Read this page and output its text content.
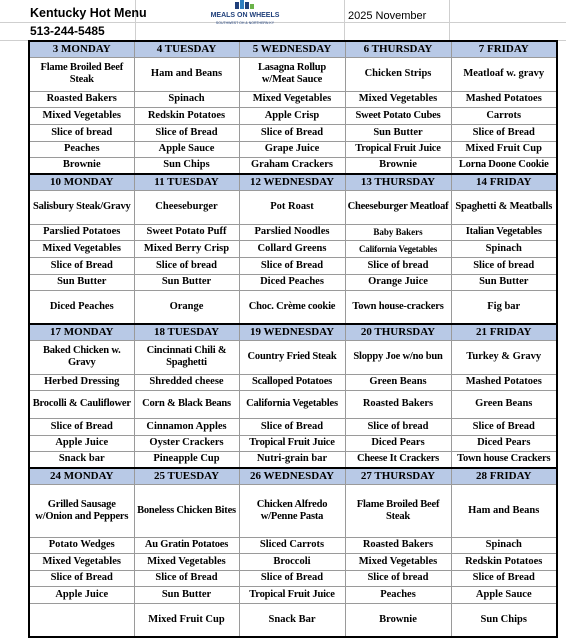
Kentucky Hot Menu
513-244-5485
2025 November
MEALS ON WHEELS
SOUTHWEST OH & NORTHERN KY
3 MONDAY	4 TUESDAY	5 WEDNESDAY	6 THURSDAY	7 FRIDAY
Flame Broiled Beef Steak	Ham and Beans	Lasagna Rollup w/Meat Sauce	Chicken Strips	Meatloaf w. gravy
Roasted Bakers	Spinach	Mixed Vegetables	Mixed Vegetables	Mashed Potatoes
Mixed Vegetables	Redskin Potatoes	Apple Crisp	Sweet Potato Cubes	Carrots
Slice of bread	Slice of Bread	Slice of Bread	Sun Butter	Slice of Bread
Peaches	Apple Sauce	Grape Juice	Tropical Fruit Juice	Mixed Fruit Cup
Brownie	Sun Chips	Graham Crackers	Brownie	Lorna Doone Cookie
10 MONDAY	11 TUESDAY	12 WEDNESDAY	13 THURSDAY	14 FRIDAY
Salisbury Steak/Gravy	Cheeseburger	Pot Roast	Cheeseburger Meatloaf	Spaghetti & Meatballs
Parslied Potatoes	Sweet Potato Puff	Parslied Noodles	Baby Bakers	Italian Vegetables
Mixed Vegetables	Mixed Berry Crisp	Collard Greens	California Vegetables	Spinach
Slice of Bread	Slice of bread	Slice of Bread	Slice of bread	Slice of bread
Sun Butter	Sun Butter	Diced Peaches	Orange Juice	Sun Butter
Diced Peaches	Orange	Choc. Crème cookie	Town house-crackers	Fig bar
17 MONDAY	18 TUESDAY	19 WEDNESDAY	20 THURSDAY	21 FRIDAY
Baked Chicken w. Gravy	Cincinnati Chili & Spaghetti	Country Fried Steak	Sloppy Joe w/no bun	Turkey & Gravy
Herbed Dressing	Shredded cheese	Scalloped Potatoes	Green Beans	Mashed Potatoes
Brocolli & Cauliflower	Corn & Black Beans	California Vegetables	Roasted Bakers	Green Beans
Slice of Bread	Cinnamon Apples	Slice of Bread	Slice of bread	Slice of Bread
Apple Juice	Oyster Crackers	Tropical Fruit Juice	Diced Pears	Diced Pears
Snack bar	Pineapple Cup	Nutri-grain bar	Cheese It Crackers	Town house Crackers
24 MONDAY	25 TUESDAY	26 WEDNESDAY	27 THURSDAY	28 FRIDAY
Grilled Sausage w/Onion and Peppers	Boneless Chicken Bites	Chicken Alfredo w/Penne Pasta	Flame Broiled Beef Steak	Ham and Beans
Potato Wedges	Au Gratin Potatoes	Sliced Carrots	Roasted Bakers	Spinach
Mixed Vegetables	Mixed Vegetables	Broccoli	Mixed Vegetables	Redskin Potatoes
Slice of Bread	Slice of Bread	Slice of Bread	Slice of bread	Slice of Bread
Apple Juice	Sun Butter	Tropical Fruit Juice	Peaches	Apple Sauce
	Mixed Fruit Cup	Snack Bar	Brownie	Sun Chips
